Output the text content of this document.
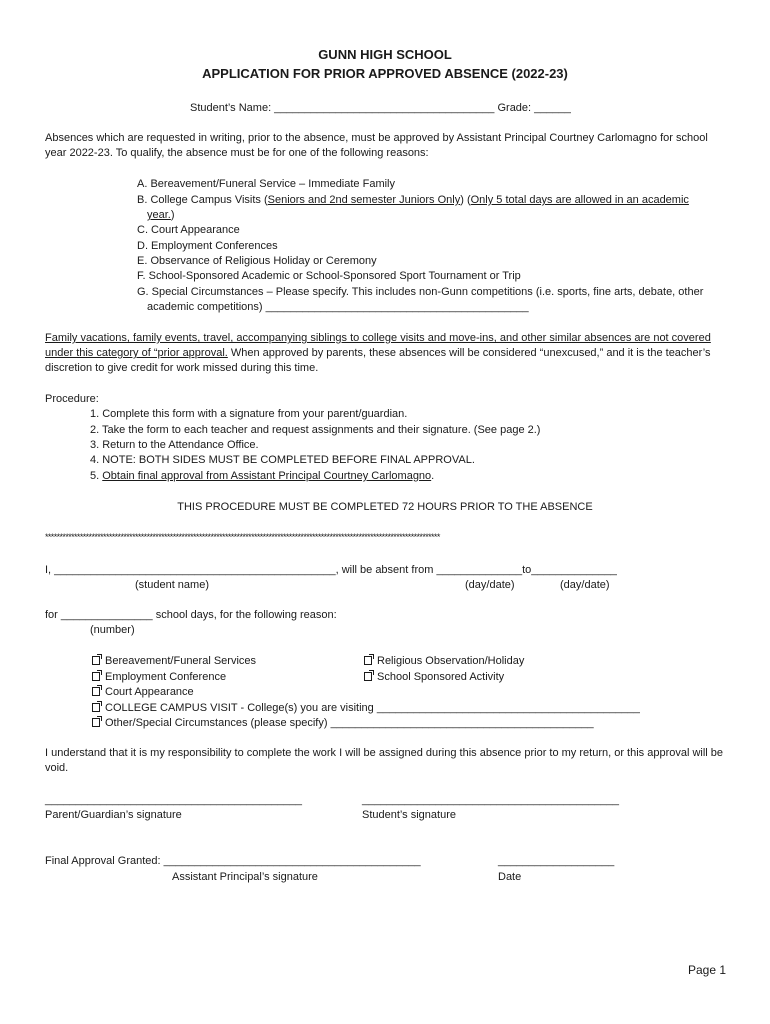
GUNN HIGH SCHOOL
APPLICATION FOR PRIOR APPROVED ABSENCE (2022-23)
Student’s Name: ____________________________________ Grade: ______
Absences which are requested in writing, prior to the absence, must be approved by Assistant Principal Courtney Carlomagno for school year 2022-23. To qualify, the absence must be for one of the following reasons:
A. Bereavement/Funeral Service – Immediate Family
B. College Campus Visits (Seniors and 2nd semester Juniors Only) (Only 5 total days are allowed in an academic
year.)
C. Court Appearance
D. Employment Conferences
E. Observance of Religious Holiday or Ceremony
F. School-Sponsored Academic or School-Sponsored Sport Tournament or Trip
G. Special Circumstances – Please specify. This includes non-Gunn competitions (i.e. sports, fine arts, debate, other
academic competitions) ___________________________________________
Family vacations, family events, travel, accompanying siblings to college visits and move-ins, and other similar absences are not covered under this category of “prior approval. When approved by parents, these absences will be considered “unexcused,” and it is the teacher’s discretion to give credit for work missed during this time.
Procedure:
1. Complete this form with a signature from your parent/guardian.
2. Take the form to each teacher and request assignments and their signature. (See page 2.)
3. Return to the Attendance Office.
4. NOTE: BOTH SIDES MUST BE COMPLETED BEFORE FINAL APPROVAL.
5. Obtain final approval from Assistant Principal Courtney Carlomagno.
THIS PROCEDURE MUST BE COMPLETED 72 HOURS PRIOR TO THE ABSENCE
****************************************************************************************************************************************
I, ______________________________________________, will be absent from ______________to______________
(student name)	(day/date)	(day/date)
for _______________ school days, for the following reason:
(number)
Bereavement/Funeral Services
Employment Conference
Court Appearance
COLLEGE CAMPUS VISIT - College(s) you are visiting ___________________________________________
Other/Special Circumstances (please specify) ___________________________________________
Religious Observation/Holiday
School Sponsored Activity
I understand that it is my responsibility to complete the work I will be assigned during this absence prior to my return, or this approval will be void.
__________________________________________	__________________________________________
Parent/Guardian’s signature	Student’s signature
Final Approval Granted: __________________________________________	___________________
Assistant Principal’s signature	Date
Page 1
